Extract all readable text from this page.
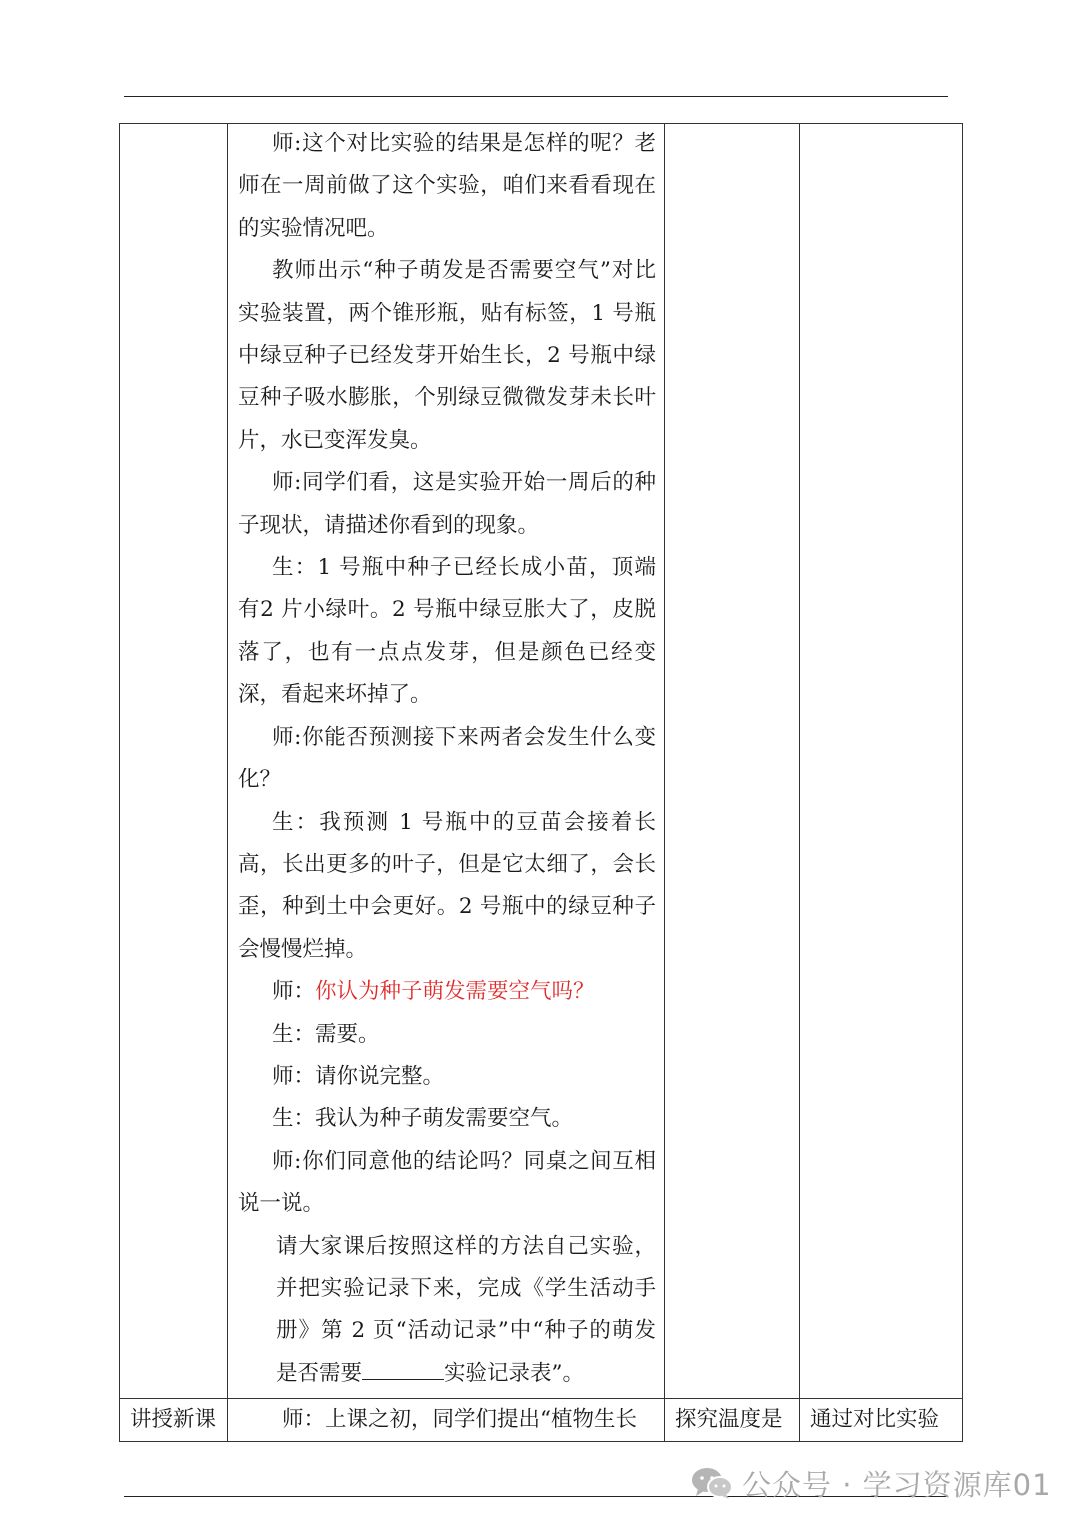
师:这个对比实验的结果是怎样的呢？老师在一周前做了这个实验，咱们来看看现在的实验情况吧。

教师出示“种子萌发是否需要空气”对比实验装置，两个锥形瓶，贴有标签，1 号瓶中绿豆种子已经发芽开始生长，2 号瓶中绿豆种子吸水膨胀，个别绿豆微微发芽未长叶片，水已变浑发臭。

师:同学们看，这是实验开始一周后的种子现状，请描述你看到的现象。

生：1 号瓶中种子已经长成小苗，顶端有2 片小绿叶。2 号瓶中绿豆胀大了，皮脱落了，也有一点点发芽，但是颜色已经变深，看起来坏掉了。

师:你能否预测接下来两者会发生什么变化？

生：我预测 1 号瓶中的豆苗会接着长高，长出更多的叶子，但是它太细了，会长歪，种到土中会更好。2 号瓶中的绿豆种子会慢慢烂掉。

师：你认为种子萌发需要空气吗？

生：需要。

师：请你说完整。

生：我认为种子萌发需要空气。

师:你们同意他的结论吗？同桌之间互相说一说。

请大家课后按照这样的方法自己实验，并把实验记录下来，完成《学生活动手册》第 2 页“活动记录”中“种子的萌发是否需要	实验记录表”。

讲授新课	师：上课之初，同学们提出“植物生长 探究温度是 通过对比实验
公众号 · 学习资源库01
